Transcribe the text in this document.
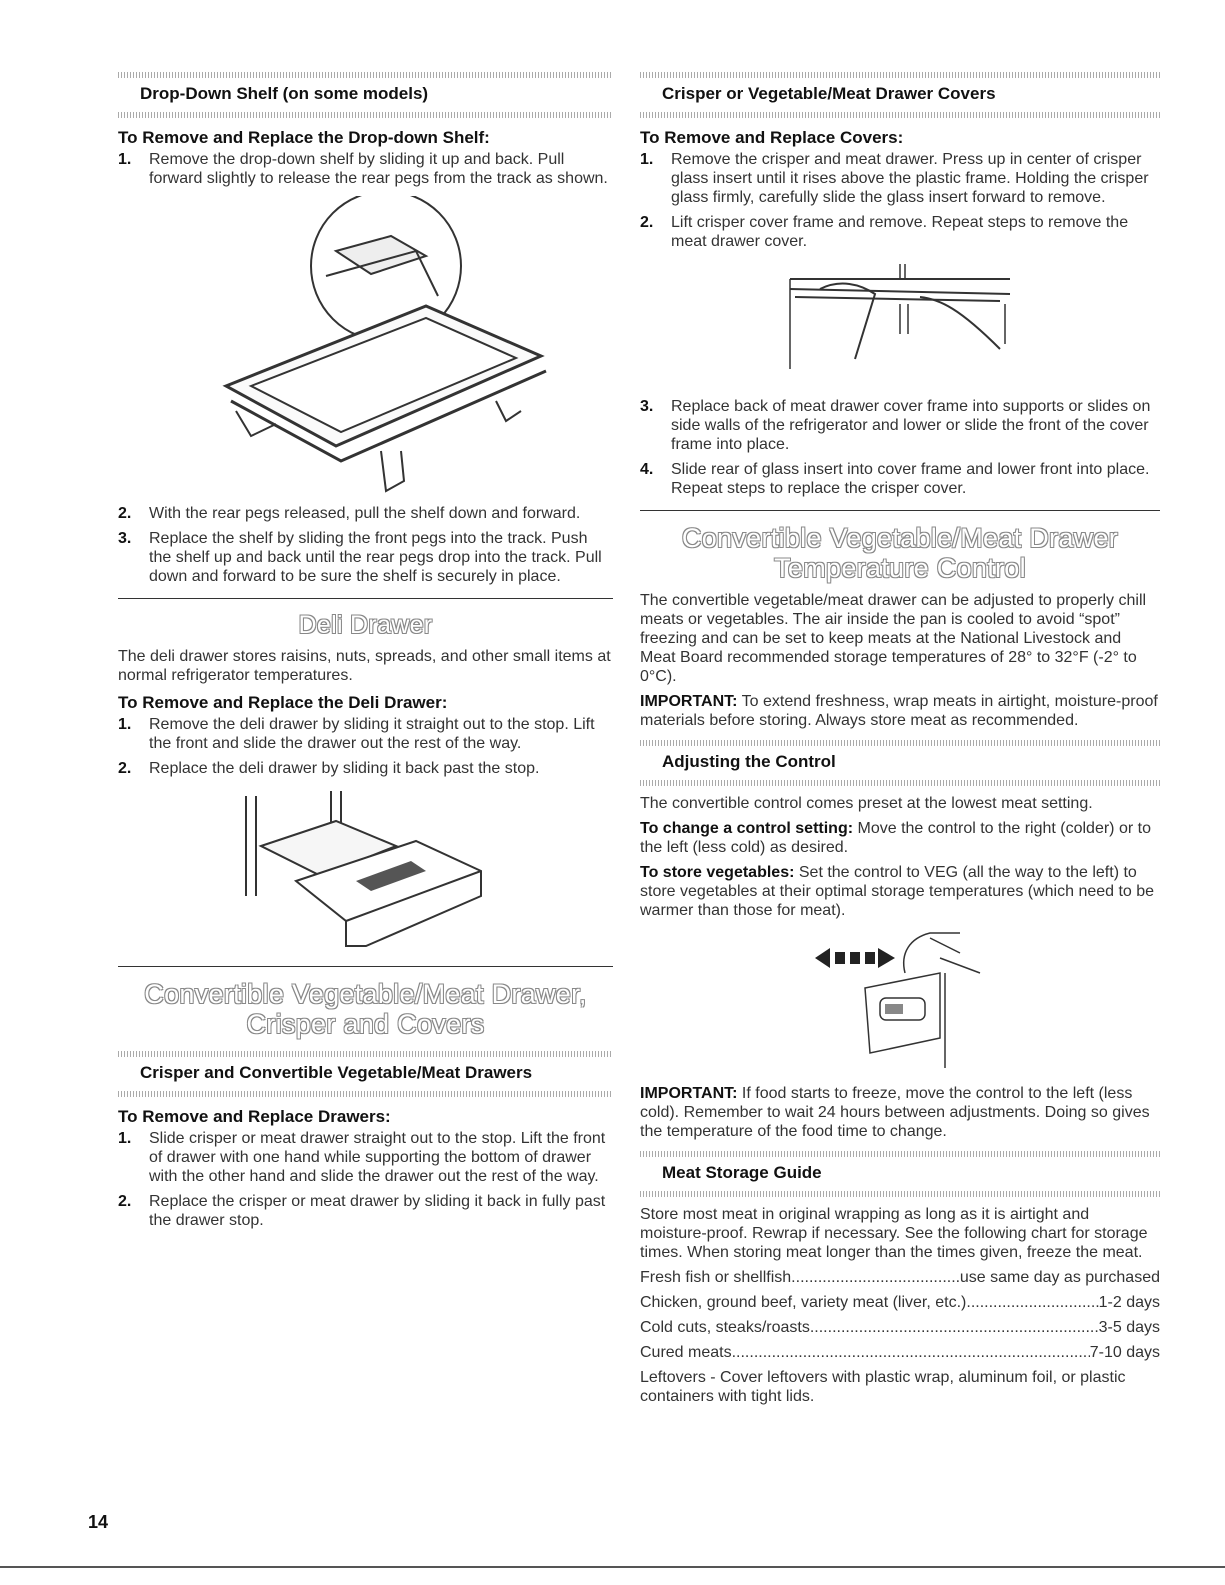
Drop-Down Shelf (on some models)
To Remove and Replace the Drop-down Shelf:
1. Remove the drop-down shelf by sliding it up and back. Pull forward slightly to release the rear pegs from the track as shown.
2. With the rear pegs released, pull the shelf down and forward.
3. Replace the shelf by sliding the front pegs into the track. Push the shelf up and back until the rear pegs drop into the track. Pull down and forward to be sure the shelf is securely in place.
Deli Drawer

The deli drawer stores raisins, nuts, spreads, and other small items at normal refrigerator temperatures.

To Remove and Replace the Deli Drawer:
1. Remove the deli drawer by sliding it straight out to the stop. Lift the front and slide the drawer out the rest of the way.
2. Replace the deli drawer by sliding it back past the stop.
Convertible Vegetable/Meat Drawer,
Crisper and Covers
Crisper and Convertible Vegetable/Meat Drawers
To Remove and Replace Drawers:
1. Slide crisper or meat drawer straight out to the stop. Lift the front of drawer with one hand while supporting the bottom of drawer with the other hand and slide the drawer out the rest of the way.
2. Replace the crisper or meat drawer by sliding it back in fully past the drawer stop.
Crisper or Vegetable/Meat Drawer Covers
To Remove and Replace Covers:
1. Remove the crisper and meat drawer. Press up in center of crisper glass insert until it rises above the plastic frame. Holding the crisper glass firmly, carefully slide the glass insert forward to remove.
2. Lift crisper cover frame and remove. Repeat steps to remove the meat drawer cover.
3. Replace back of meat drawer cover frame into supports or slides on side walls of the refrigerator and lower or slide the front of the cover frame into place.
4. Slide rear of glass insert into cover frame and lower front into place. Repeat steps to replace the crisper cover.
Convertible Vegetable/Meat Drawer
Temperature Control

The convertible vegetable/meat drawer can be adjusted to properly chill meats or vegetables. The air inside the pan is cooled to avoid “spot” freezing and can be set to keep meats at the National Livestock and Meat Board recommended storage temperatures of 28° to 32°F (-2° to 0°C).

IMPORTANT: To extend freshness, wrap meats in airtight, moisture-proof materials before storing. Always store meat as recommended.

Adjusting the Control

The convertible control comes preset at the lowest meat setting.

To change a control setting: Move the control to the right (colder) or to the left (less cold) as desired.

To store vegetables: Set the control to VEG (all the way to the left) to store vegetables at their optimal storage temperatures (which need to be warmer than those for meat).

IMPORTANT: If food starts to freeze, move the control to the left (less cold). Remember to wait 24 hours between adjustments. Doing so gives the temperature of the food time to change.

Meat Storage Guide

Store most meat in original wrapping as long as it is airtight and moisture-proof. Rewrap if necessary. See the following chart for storage times. When storing meat longer than the times given, freeze the meat.

Fresh fish or shellfish .....	use same day as purchased
Chicken, ground beef, variety meat (liver, etc.) .....	1-2 days
Cold cuts, steaks/roasts .....	3-5 days
Cured meats .....	7-10 days

Leftovers - Cover leftovers with plastic wrap, aluminum foil, or plastic containers with tight lids.

14
